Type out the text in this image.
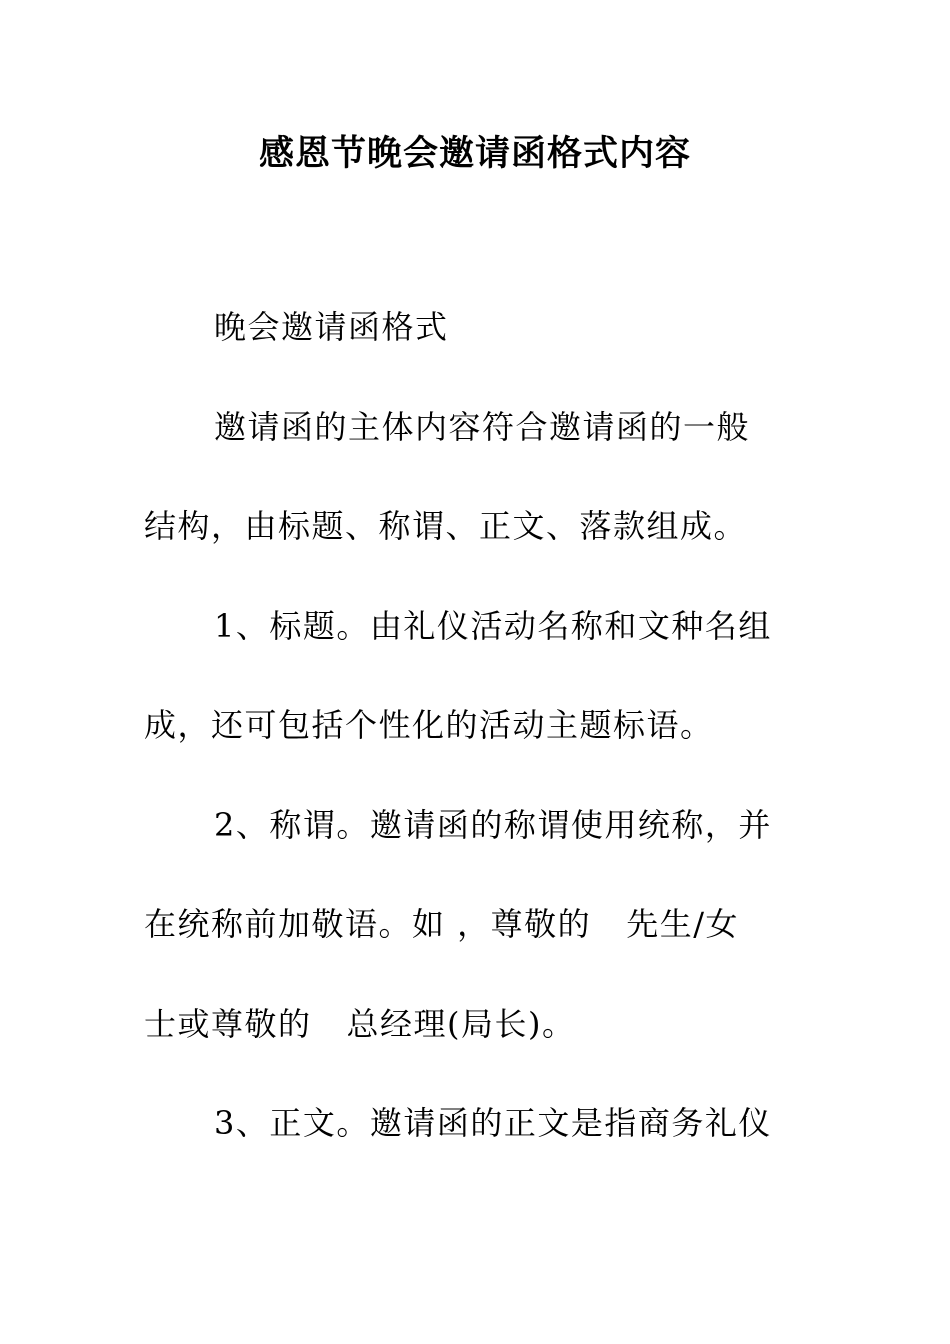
感恩节晚会邀请函格式内容
晚会邀请函格式
邀请函的主体内容符合邀请函的一般
结构，由标题、称谓、正文、落款组成。
1、标题。由礼仪活动名称和文种名组
成，还可包括个性化的活动主题标语。
2、称谓。邀请函的称谓使用统称，并
在统称前加敬语。如 ，尊敬的   先生/女
士或尊敬的   总经理(局长)。
3、正文。邀请函的正文是指商务礼仪
